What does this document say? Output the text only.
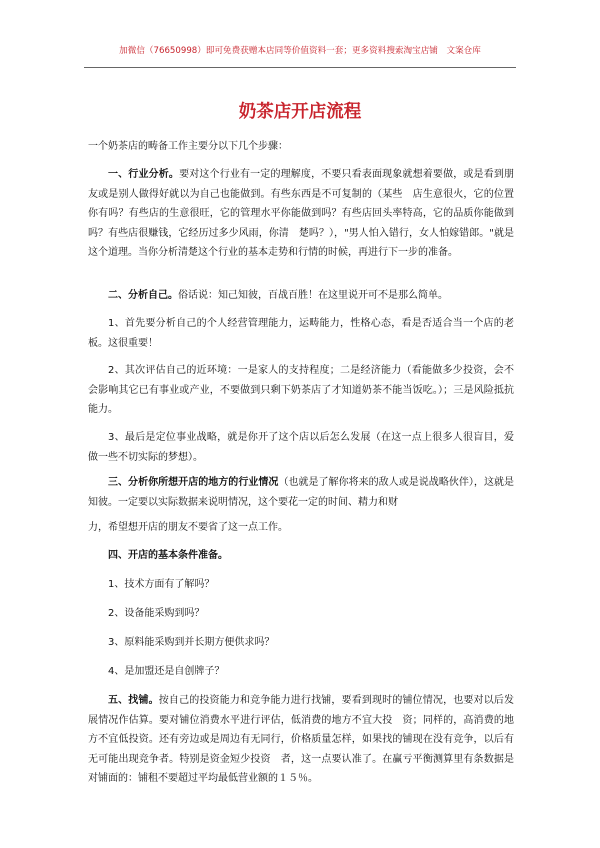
加微信（76650998）即可免费获赠本店同等价值资料一套；更多资料搜索淘宝店铺　文案仓库
奶茶店开店流程

一个奶茶店的畴备工作主要分以下几个步骤：

一、行业分析。要对这个行业有一定的理解度，不要只看表面现象就想着要做，或是看到朋友或是别人做得好就以为自己也能做到。有些东西是不可复制的（某些　店生意很火，它的位置你有吗？有些店的生意很旺，它的管理水平你能做到吗？有些店回头率特高，它的品质你能做到吗？有些店很赚钱，它经历过多少风雨，你清　楚吗？），"男人怕入错行，女人怕嫁错郎。"就是这个道理。当你分析清楚这个行业的基本走势和行情的时候，再进行下一步的准备。

二、分析自己。俗话说：知己知彼，百战百胜！在这里说开可不是那么简单。

1、首先要分析自己的个人经营管理能力，运畴能力，性格心态，看是否适合当一个店的老板。这很重要！

2、其次评估自己的近环境：一是家人的支持程度；二是经济能力（看能做多少投资，会不会影响其它已有事业或产业，不要做到只剩下奶茶店了才知道奶茶不能当饭吃。）；三是风险抵抗能力。

3、最后是定位事业战略，就是你开了这个店以后怎么发展（在这一点上很多人很盲目，爱做一些不切实际的梦想）。

三、分析你所想开店的地方的行业情况（也就是了解你将来的敌人或是说战略伙伴），这就是知彼。一定要以实际数据来说明情况，这个要花一定的时间、精力和财

力，希望想开店的朋友不要省了这一点工作。

四、开店的基本条件准备。

1、技术方面有了解吗？

2、设备能采购到吗？

3、原料能采购到并长期方便供求吗？

4、是加盟还是自创牌子？

五、找铺。按自己的投资能力和竞争能力进行找铺，要看到现时的铺位情况，也要对以后发展情况作估算。要对铺位消费水平进行评估，低消费的地方不宜大投　资；同样的，高消费的地方不宜低投资。还有旁边或是周边有无同行，价格质量怎样，如果找的铺现在没有竞争，以后有无可能出现竞争者。特别是资金短少投资　者，这一点要认准了。在赢亏平衡测算里有条数据是对铺面的：铺租不要超过平均最低营业额的１５％。
